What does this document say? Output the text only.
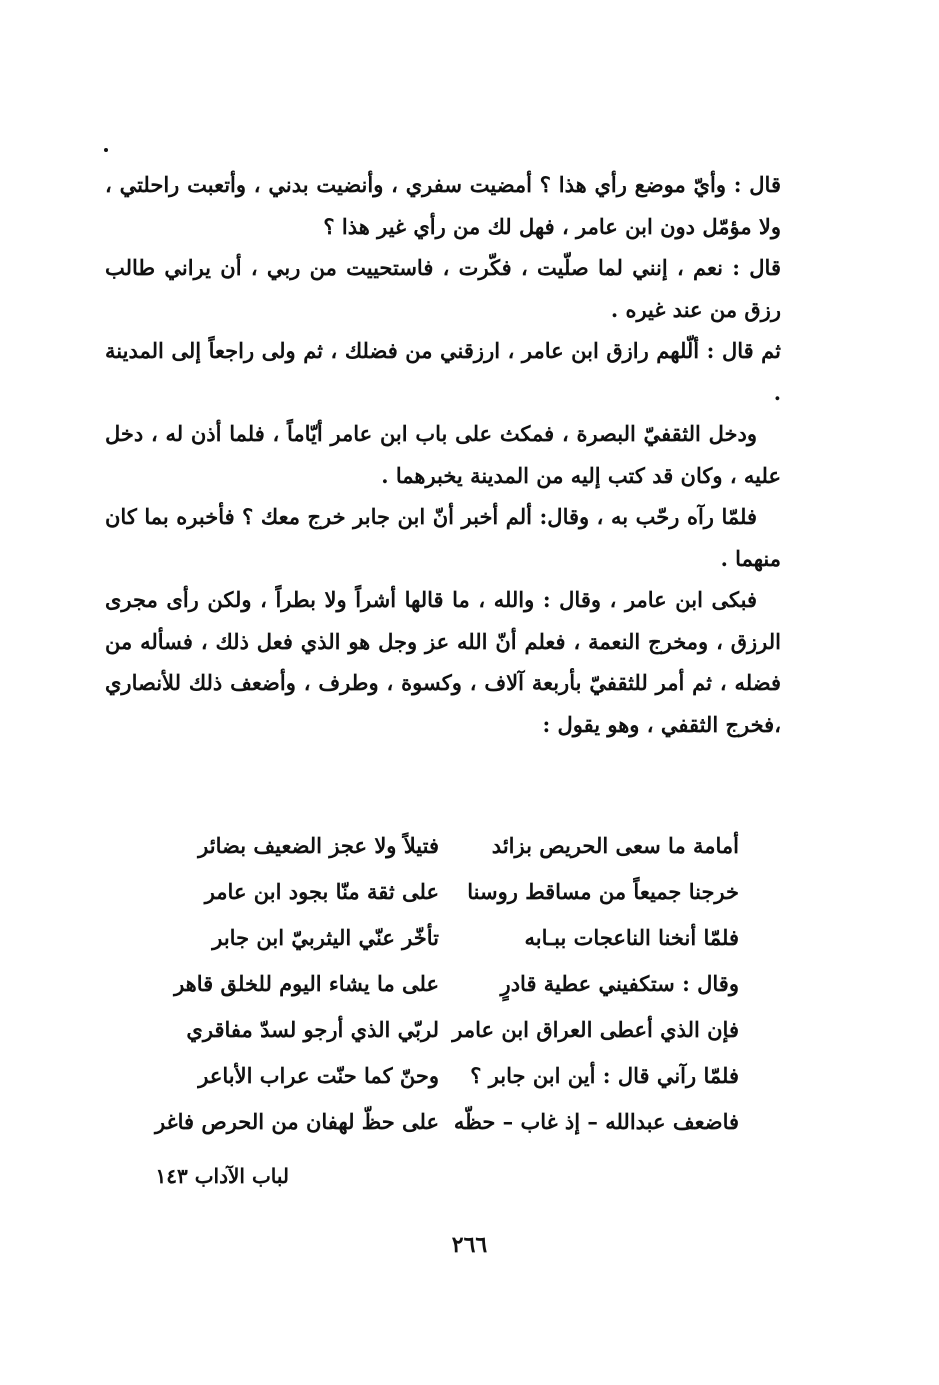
قال : وأيّ موضع رأي هذا ؟ أمضيت سفري ، وأنضيت بدني ، وأتعبت راحلتي ، ولا مؤمّل دون ابن عامر ، فهل لك من رأي غير هذا ؟

قال : نعم ، إنني لما صلّيت ، فكّرت ، فاستحييت من ربي ، أن يراني طالب رزق من عند غيره .

ثم قال : ألّلهم رازق ابن عامر ، ارزقني من فضلك ، ثم ولى راجعاً إلى المدينة .

ودخل الثقفيّ البصرة ، فمكث على باب ابن عامر أيّاماً ، فلما أذن له ، دخل عليه ، وكان قد كتب إليه من المدينة يخبرهما .

فلمّا رآه رحّب به ، وقال: ألم أخبر أنّ ابن جابر خرج معك ؟ فأخبره بما كان منهما .

فبكى ابن عامر ، وقال : والله ، ما قالها أشراً ولا بطراً ، ولكن رأى مجرى الرزق ، ومخرج النعمة ، فعلم أنّ الله عز وجل هو الذي فعل ذلك ، فسأله من فضله ، ثم أمر للثقفيّ بأربعة آلاف ، وكسوة ، وطرف ، وأضعف ذلك للأنصاري ،فخرج الثقفي ، وهو يقول :

أمامة ما سعى الحريص بزائد
فتيلاً ولا عجز الضعيف بضائر
خرجنا جميعاً من مساقط روسنا
على ثقة منّا بجود ابن عامر
فلمّا أنخنا الناعجات ببـابه
تأخّر عنّي اليثربيّ ابن جابر
وقال : ستكفيني عطية قادرٍ
على ما يشاء اليوم للخلق قاهر
فإن الذي أعطى العراق ابن عامر
لربّي الذي أرجو لسدّ مفاقري
فلمّا رآني قال : أين ابن جابر ؟
وحنّ كما حنّت عراب الأباعر
فاضعف عبدالله – إذ غاب – حظّه
على حظّ لهفان من الحرص فاغر
لباب الآداب ١٤٣
٢٦٦
